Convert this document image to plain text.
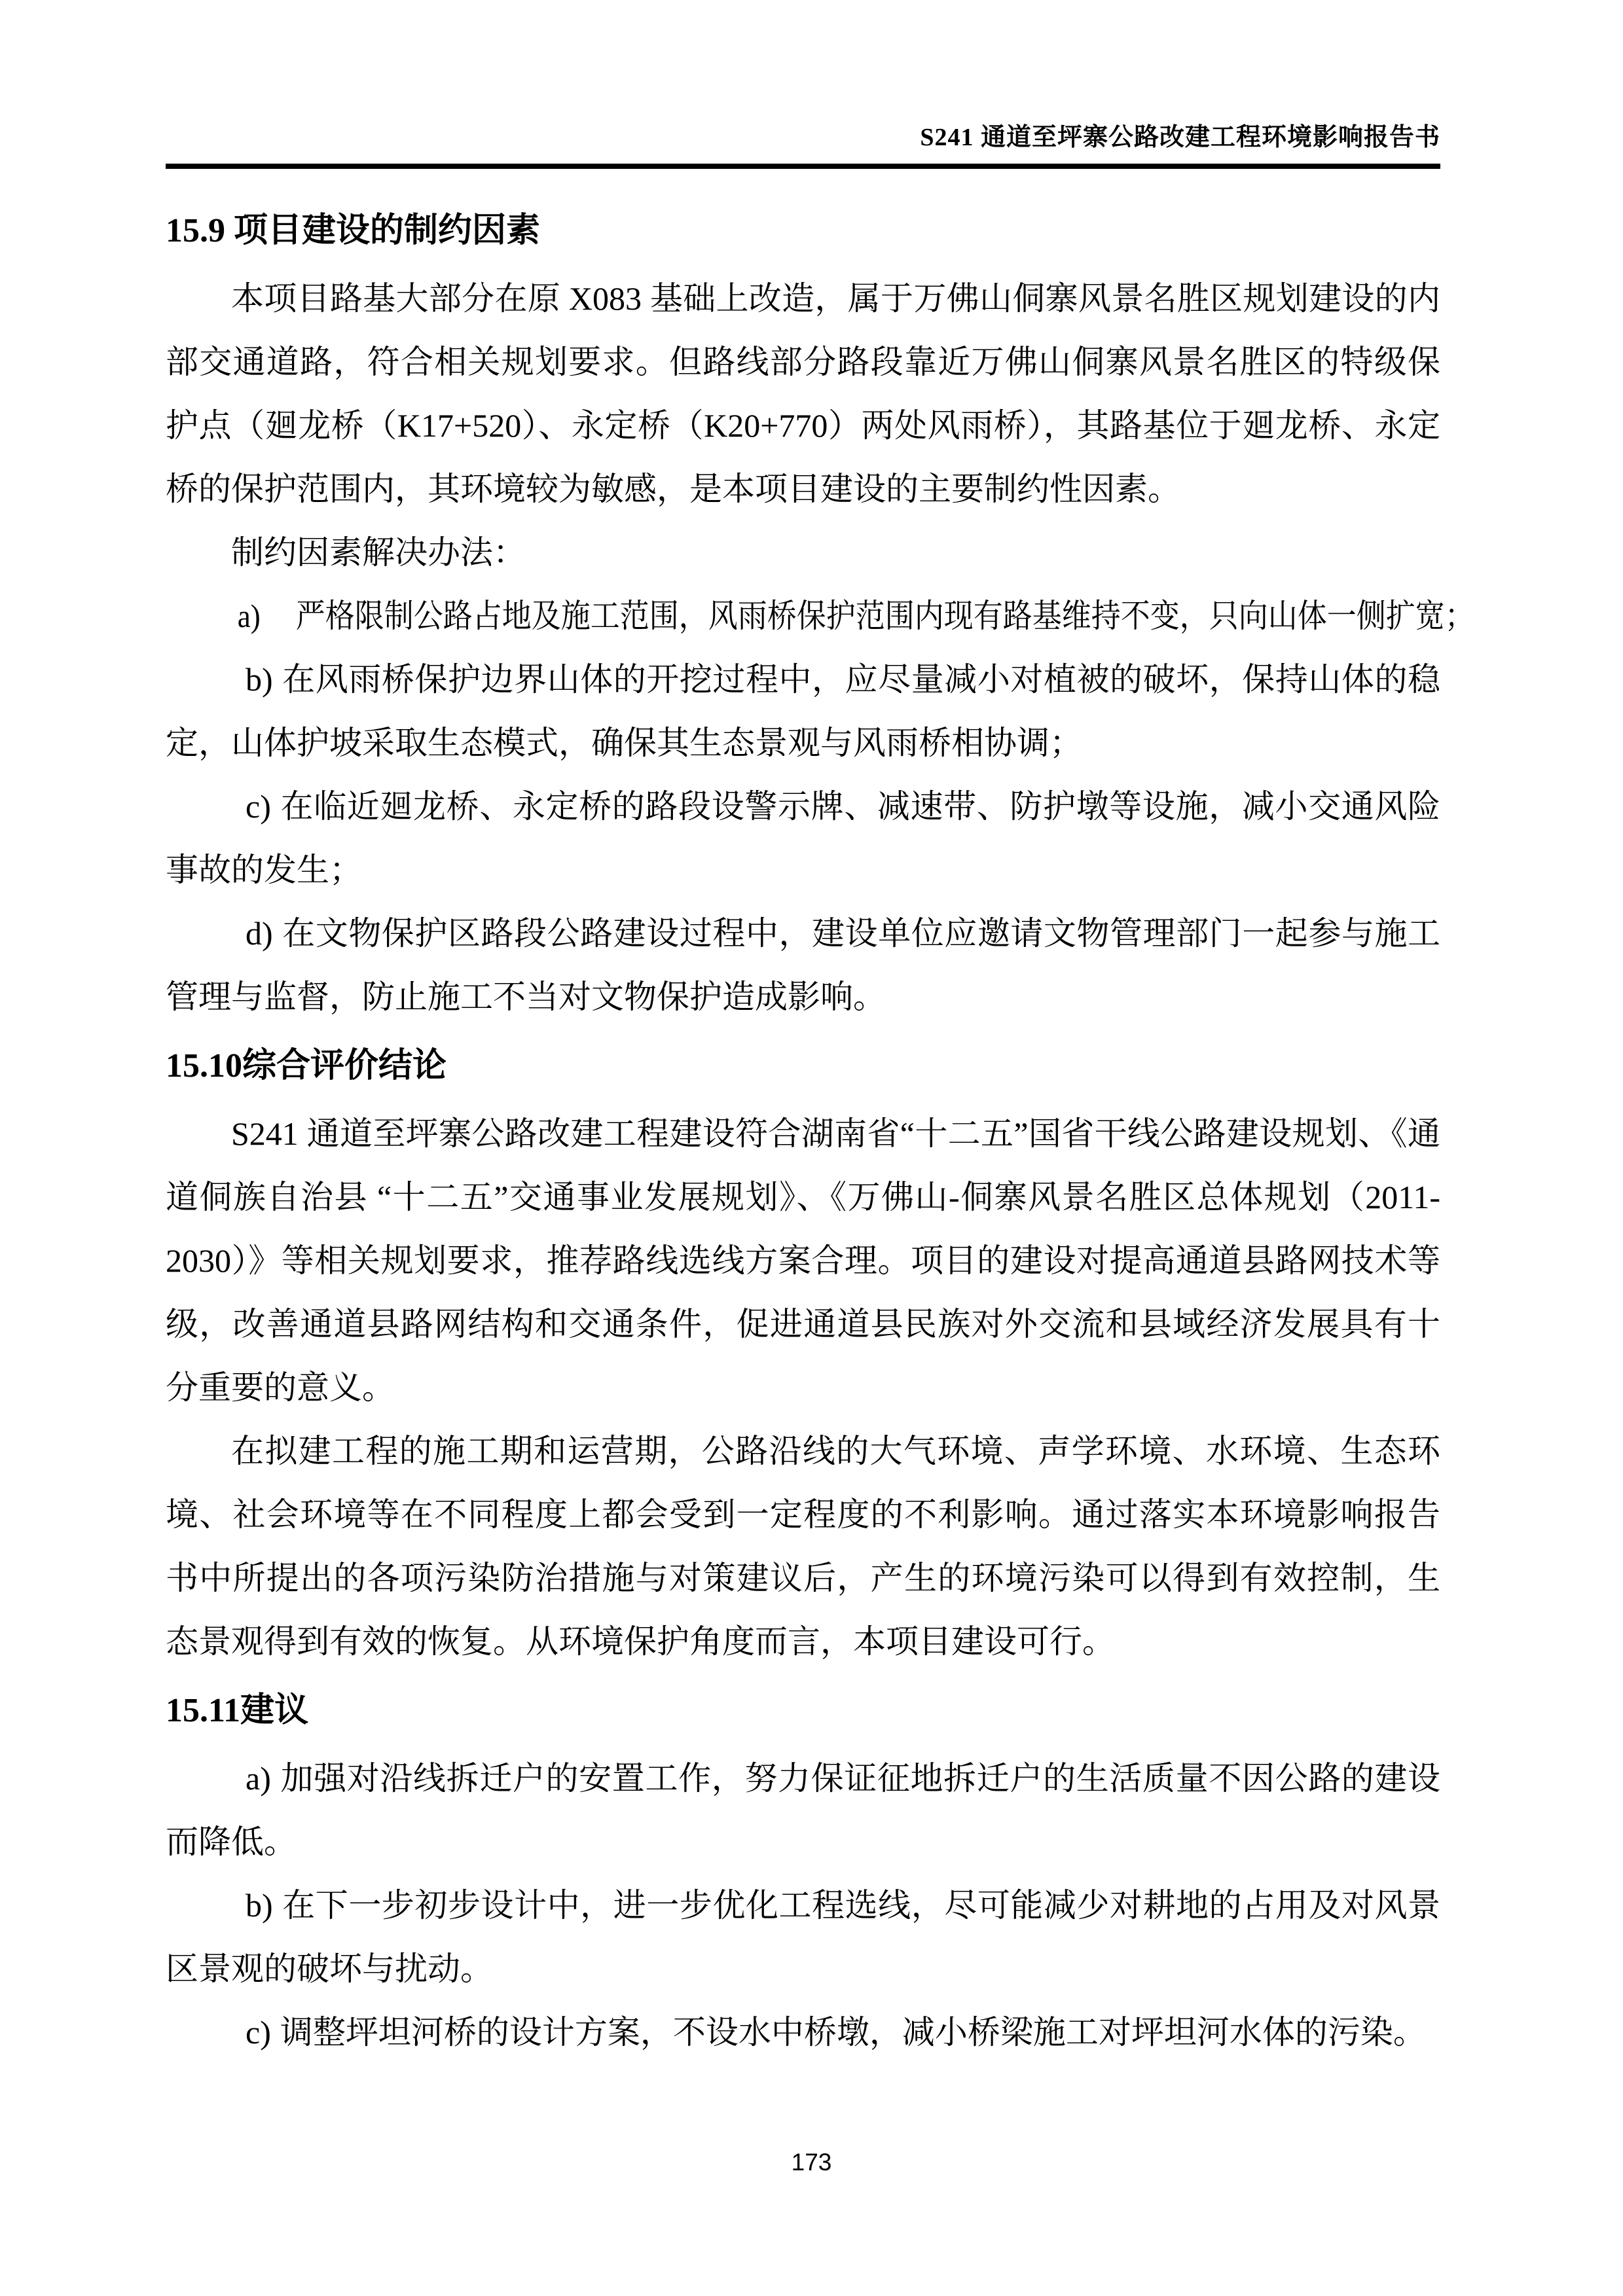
S241 通道至坪寨公路改建工程环境影响报告书
15.9 项目建设的制约因素

本项目路基大部分在原 X083 基础上改造，属于万佛山侗寨风景名胜区规划建设的内部交通道路，符合相关规划要求。但路线部分路段靠近万佛山侗寨风景名胜区的特级保护点（廻龙桥（K17+520）、永定桥（K20+770）两处风雨桥），其路基位于廻龙桥、永定桥的保护范围内，其环境较为敏感，是本项目建设的主要制约性因素。

制约因素解决办法：

a) 严格限制公路占地及施工范围，风雨桥保护范围内现有路基维持不变，只向山体一侧扩宽；

b) 在风雨桥保护边界山体的开挖过程中，应尽量减小对植被的破坏，保持山体的稳定，山体护坡采取生态模式，确保其生态景观与风雨桥相协调；

c) 在临近廻龙桥、永定桥的路段设警示牌、减速带、防护墩等设施，减小交通风险事故的发生；

d) 在文物保护区路段公路建设过程中，建设单位应邀请文物管理部门一起参与施工管理与监督，防止施工不当对文物保护造成影响。

15.10综合评价结论

S241 通道至坪寨公路改建工程建设符合湖南省“十二五”国省干线公路建设规划、《通道侗族自治县 “十二五”交通事业发展规划》、《万佛山-侗寨风景名胜区总体规划（2011-2030）》等相关规划要求，推荐路线选线方案合理。项目的建设对提高通道县路网技术等级，改善通道县路网结构和交通条件，促进通道县民族对外交流和县域经济发展具有十分重要的意义。

在拟建工程的施工期和运营期，公路沿线的大气环境、声学环境、水环境、生态环境、社会环境等在不同程度上都会受到一定程度的不利影响。通过落实本环境影响报告书中所提出的各项污染防治措施与对策建议后，产生的环境污染可以得到有效控制，生态景观得到有效的恢复。从环境保护角度而言，本项目建设可行。

15.11建议

a) 加强对沿线拆迁户的安置工作，努力保证征地拆迁户的生活质量不因公路的建设而降低。

b) 在下一步初步设计中，进一步优化工程选线，尽可能减少对耕地的占用及对风景区景观的破坏与扰动。

c) 调整坪坦河桥的设计方案，不设水中桥墩，减小桥梁施工对坪坦河水体的污染。

173
